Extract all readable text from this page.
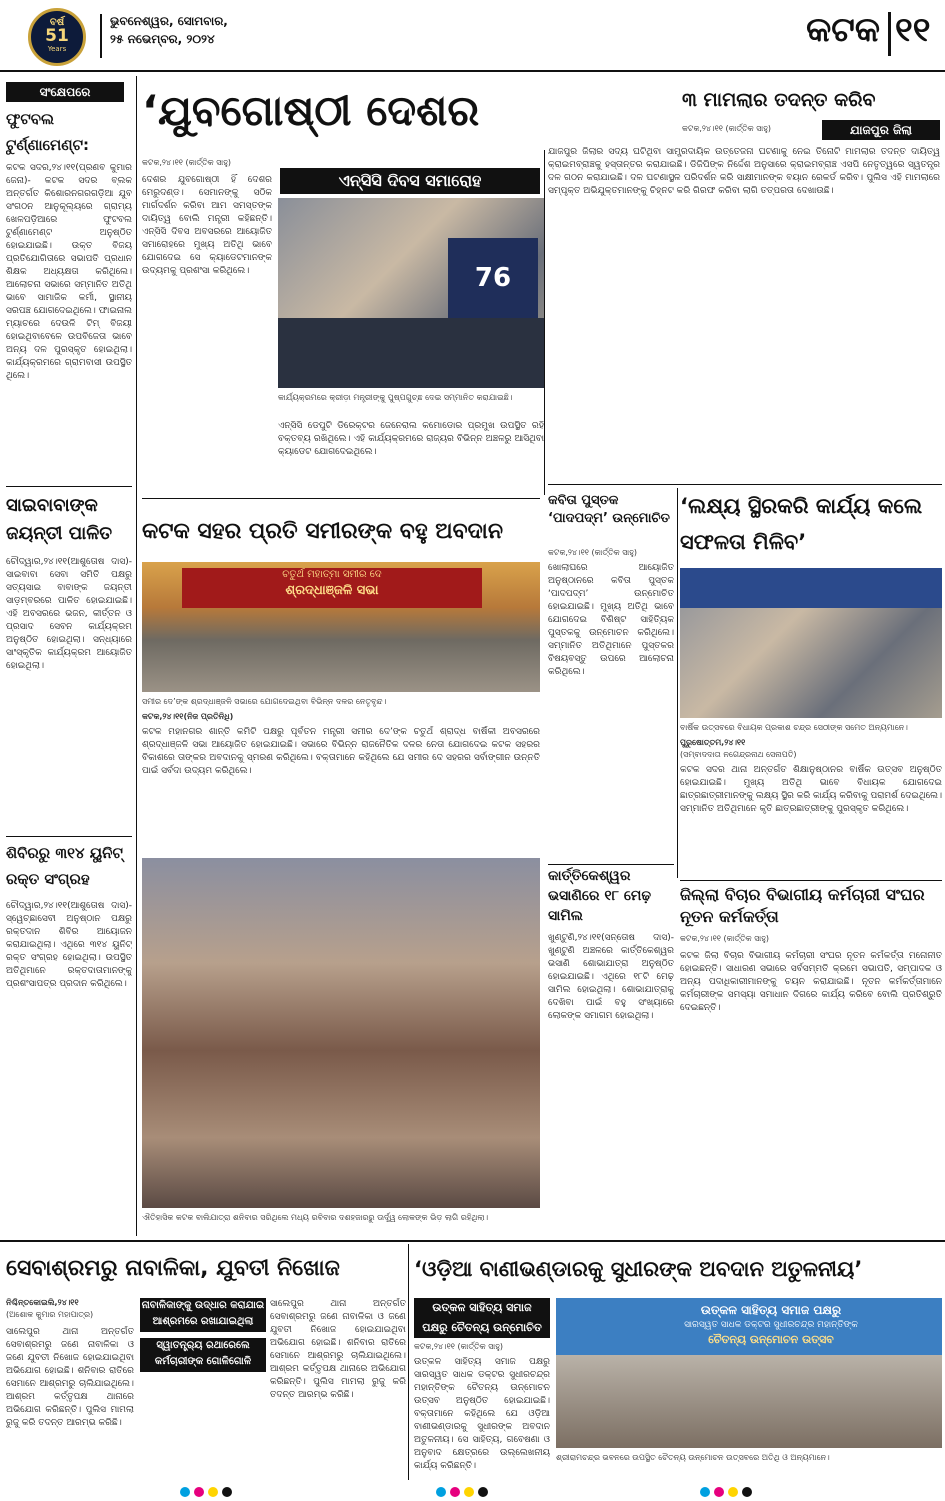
ବର୍ଷ
51
Years
ଭୁବନେଶ୍ୱର, ସୋମବାର,
୨୫ ନଭେମ୍ବର, ୨୦୨୪	କଟକ ୧୧
ସଂକ୍ଷେପରେ
ଫୁଟବଲ ଟୁର୍ଣ୍ଣାମେଣ୍ଟ:
କଟକ ସଦର,୨୪।୧୧(ପ୍ରଣବ କୁମାର ଜେନା)- କଟକ ସଦର ବ୍ଲକ ଅନ୍ତର୍ଗତ କିଶୋରନଗରଗଡ଼ିଆ ଯୁବ ସଂଗଠନ ଆନୁକୂଲ୍ୟରେ ଗ୍ରାମ୍ୟ ଖେଳପଡ଼ିଆରେ ଫୁଟବଲ ଟୁର୍ଣ୍ଣାମେଣ୍ଟ ଅନୁଷ୍ଠିତ ହୋଇଯାଇଛି। ଉକ୍ତ ବିଜୟ ପ୍ରତିଯୋଗିତାରେ ସଭାପତି ପ୍ରଧାନ ଶିକ୍ଷକ ଅଧ୍ୟକ୍ଷତା କରିଥିଲେ। ଆଲୋଚନା ସଭାରେ ସମ୍ମାନିତ ଅତିଥି ଭାବେ ସାମାଜିକ କର୍ମୀ, ସ୍ଥାନୀୟ ସରପଞ୍ଚ ଯୋଗଦେଇଥିଲେ। ଫାଇନାଲ ମ୍ୟାଚରେ ଦେଉଳି ଟିମ୍ ବିଜୟୀ ହୋଇଥିବାବେଳେ ଉପବିଜେତା ଭାବେ ଅନ୍ୟ ଦଳ ପୁରସ୍କୃତ ହୋଇଥିଲା। କାର୍ଯ୍ୟକ୍ରମରେ ଗ୍ରାମବାସୀ ଉପସ୍ଥିତ ଥିଲେ।
ସାଇବାବାଙ୍କ ଜୟନ୍ତୀ ପାଳିତ
ଚୌଦ୍ୱାର,୨୪।୧୧(ଆଶୁତୋଷ ଦାସ)- ସାଇବାବା ସେବା ସମିତି ପକ୍ଷରୁ ସତ୍ୟସାଇ ବାବାଙ୍କ ଜୟନ୍ତୀ ସାଡ଼ମ୍ବରରେ ପାଳିତ ହୋଇଯାଇଛି। ଏହି ଅବସରରେ ଭଜନ, କୀର୍ତ୍ତନ ଓ ପ୍ରସାଦ ସେବନ କାର୍ଯ୍ୟକ୍ରମ ଅନୁଷ୍ଠିତ ହୋଇଥିଲା। ସନ୍ଧ୍ୟାରେ ସାଂସ୍କୃତିକ କାର୍ଯ୍ୟକ୍ରମ ଆୟୋଜିତ ହୋଇଥିଲା।
ଶିବିରରୁ ୩୧୪ ୟୁନିଟ୍ ରକ୍ତ ସଂଗ୍ରହ
ଚୌଦ୍ୱାର,୨୪।୧୧(ଆଶୁତୋଷ ଦାସ)- ସ୍ୱେଚ୍ଛାସେବୀ ଅନୁଷ୍ଠାନ ପକ୍ଷରୁ ରକ୍ତଦାନ ଶିବିର ଆୟୋଜନ କରାଯାଇଥିଲା। ଏଥିରେ ୩୧୪ ୟୁନିଟ୍ ରକ୍ତ ସଂଗ୍ରହ ହୋଇଥିଲା। ଉପସ୍ଥିତ ଅତିଥିମାନେ ରକ୍ତଦାତାମାନଙ୍କୁ ପ୍ରଶଂସାପତ୍ର ପ୍ରଦାନ କରିଥିଲେ।
‘ଯୁବଗୋଷ୍ଠୀ ଦେଶର
କଟକ,୨୪।୧୧ (କାର୍ତ୍ତିକ ସାହୁ)
ଏନ୍‌ସିସି ଦିବସ ସମାରୋହ
ଦେଶର ଯୁବଗୋଷ୍ଠୀ ହିଁ ଦେଶର ମେରୁଦଣ୍ଡ। ସେମାନଙ୍କୁ ସଠିକ ମାର୍ଗଦର୍ଶନ କରିବା ଆମ ସମସ୍ତଙ୍କ ଦାୟିତ୍ୱ ବୋଲି ମନ୍ତ୍ରୀ କହିଛନ୍ତି। ଏନ୍‌ସିସି ଦିବସ ଅବସରରେ ଆୟୋଜିତ ସମାରୋହରେ ମୁଖ୍ୟ ଅତିଥି ଭାବେ ଯୋଗଦେଇ ସେ କ୍ୟାଡେଟମାନଙ୍କ ଉଦ୍ୟମକୁ ପ୍ରଶଂସା କରିଥିଲେ।	76
କାର୍ଯ୍ୟକ୍ରମରେ କ୍ରୀଡ଼ା ମନ୍ତ୍ରୀଙ୍କୁ ପୁଷ୍ପଗୁଚ୍ଛ ଦେଇ ସମ୍ମାନିତ କରାଯାଇଛି।
ଏନ୍‌ସିସି ଡେପୁଟି ଡିରେକ୍ଟର ଜେନେରାଲ କମୋଡୋର ପ୍ରମୁଖ ଉପସ୍ଥିତ ରହି ବକ୍ତବ୍ୟ ରଖିଥିଲେ। ଏହି କାର୍ଯ୍ୟକ୍ରମରେ ରାଜ୍ୟର ବିଭିନ୍ନ ଅଞ୍ଚଳରୁ ଆସିଥିବା କ୍ୟାଡେଟ ଯୋଗଦେଇଥିଲେ।
୩ ମାମଲାର ତଦନ୍ତ କରିବ
କଟକ,୨୪।୧୧ (କାର୍ତ୍ତିକ ସାହୁ)	ଯାଜପୁର ଜିଲା
ଯାଜପୁର ଜିଲାର ସଦ୍ୟ ଘଟିଥିବା ସାମ୍ପ୍ରଦାୟିକ ଉତ୍ତେଜନା ଘଟଣାକୁ ନେଇ ତିନୋଟି ମାମଲାର ତଦନ୍ତ ଦାୟିତ୍ୱ କ୍ରାଇମବ୍ରାଞ୍ଚକୁ ହସ୍ତାନ୍ତର କରାଯାଇଛି। ଡିଜିପିଙ୍କ ନିର୍ଦ୍ଦେଶ ଅନୁସାରେ କ୍ରାଇମବ୍ରାଞ୍ଚ ଏସପି ନେତୃତ୍ୱରେ ସ୍ୱତନ୍ତ୍ର ଦଳ ଗଠନ କରାଯାଇଛି। ଦଳ ଘଟଣାସ୍ଥଳ ପରିଦର୍ଶନ କରି ସାକ୍ଷୀମାନଙ୍କ ବୟାନ ରେକର୍ଡ କରିବ। ପୁଲିସ ଏହି ମାମଲାରେ ସମ୍ପୃକ୍ତ ଅଭିଯୁକ୍ତମାନଙ୍କୁ ଚିହ୍ନଟ କରି ଗିରଫ କରିବା ଲାଗି ତତ୍ପରତା ଦେଖାଉଛି।
‘ଲକ୍ଷ୍ୟ ସ୍ଥିରକରି କାର୍ଯ୍ୟ କଲେ ସଫଳତା ମିଳିବ’
ବାର୍ଷିକ ଉତ୍ସବରେ ବିଧାୟକ ପ୍ରକାଶ ଚନ୍ଦ୍ର ସେଠୀଙ୍କ ସମେତ ଅନ୍ୟମାନେ।
ପୁରୁଷୋତ୍ତମ,୨୪।୧୧
(ସମ୍ବାଦଦାତା ନଗେନ୍ଦ୍ରନାଥ ସେନାପତି)
କଟକ ସଦର ଥାନା ଅନ୍ତର୍ଗତ ଶିକ୍ଷାନୁଷ୍ଠାନର ବାର୍ଷିକ ଉତ୍ସବ ଅନୁଷ୍ଠିତ ହୋଇଯାଇଛି। ମୁଖ୍ୟ ଅତିଥି ଭାବେ ବିଧାୟକ ଯୋଗଦେଇ ଛାତ୍ରଛାତ୍ରୀମାନଙ୍କୁ ଲକ୍ଷ୍ୟ ସ୍ଥିର କରି କାର୍ଯ୍ୟ କରିବାକୁ ପରାମର୍ଶ ଦେଇଥିଲେ। ସମ୍ମାନିତ ଅତିଥିମାନେ କୃତି ଛାତ୍ରଛାତ୍ରୀଙ୍କୁ ପୁରସ୍କୃତ କରିଥିଲେ।
କଟକ ସହର ପ୍ରତି ସମୀରଙ୍କ ବହୁ ଅବଦାନ
ଚତୁର୍ଥ ମହାତ୍ମା ସମୀର ଦେ
ଶ୍ରଦ୍ଧାଞ୍ଜଳି ସଭା
ସମୀର ଦେ’ଙ୍କ ଶ୍ରଦ୍ଧାଞ୍ଜଳି ସଭାରେ ଯୋଗଦେଇଥିବା ବିଭିନ୍ନ ଦଳର ନେତୃବୃନ୍ଦ।
କଟକ,୨୪।୧୧(ନିଜ ପ୍ରତିନିଧି)
କଟକ ମହାନଗର ଶାନ୍ତି କମିଟି ପକ୍ଷରୁ ପୂର୍ବତନ ମନ୍ତ୍ରୀ ସମୀର ଦେ’ଙ୍କ ଚତୁର୍ଥ ଶ୍ରାଦ୍ଧ ବାର୍ଷିକୀ ଅବସରରେ ଶ୍ରଦ୍ଧାଞ୍ଜଳି ସଭା ଆୟୋଜିତ ହୋଇଯାଇଛି। ସଭାରେ ବିଭିନ୍ନ ରାଜନୈତିକ ଦଳର ନେତା ଯୋଗଦେଇ କଟକ ସହରର ବିକାଶରେ ତାଙ୍କର ଅବଦାନକୁ ସ୍ମରଣ କରିଥିଲେ। ବକ୍ତାମାନେ କହିଥିଲେ ଯେ ସମୀର ଦେ ସହରର ସର୍ବାଙ୍ଗୀନ ଉନ୍ନତି ପାଇଁ ସର୍ବଦା ଉଦ୍ୟମ କରିଥିଲେ।
କବିତା ପୁସ୍ତକ ‘ପାଦପଦ୍ମ’ ଉନ୍ମୋଚିତ
କଟକ,୨୪।୧୧ (କାର୍ତ୍ତିକ ସାହୁ)
ଖୋଲାଘରେ ଆୟୋଜିତ ଅନୁଷ୍ଠାନରେ କବିତା ପୁସ୍ତକ ‘ପାଦପଦ୍ମ’ ଉନ୍ମୋଚିତ ହୋଇଯାଇଛି। ମୁଖ୍ୟ ଅତିଥି ଭାବେ ଯୋଗଦେଇ ବିଶିଷ୍ଟ ସାହିତ୍ୟିକ ପୁସ୍ତକକୁ ଉନ୍ମୋଚନ କରିଥିଲେ। ସମ୍ମାନିତ ଅତିଥିମାନେ ପୁସ୍ତକର ବିଷୟବସ୍ତୁ ଉପରେ ଆଲୋଚନା କରିଥିଲେ।
କାର୍ତ୍ତିକେଶ୍ୱର ଭସାଣିରେ ୧୮ ମେଢ଼ ସାମିଲ
ଖୁଣ୍ଟୁଣି,୨୪।୧୧(ସନ୍ତୋଷ ଦାସ)- ଖୁଣ୍ଟୁଣି ଅଞ୍ଚଳରେ କାର୍ତ୍ତିକେଶ୍ୱର ଭସାଣି ଶୋଭାଯାତ୍ରା ଅନୁଷ୍ଠିତ ହୋଇଯାଇଛି। ଏଥିରେ ୧୮ଟି ମେଢ଼ ସାମିଲ ହୋଇଥିଲା। ଶୋଭାଯାତ୍ରାକୁ ଦେଖିବା ପାଇଁ ବହୁ ସଂଖ୍ୟାରେ ଲୋକଙ୍କ ସମାଗମ ହୋଇଥିଲା।
ଐତିହାସିକ କଟକ ବାଲିଯାତ୍ରା ଶନିବାର ସରିଥିଲେ ମଧ୍ୟ ରବିବାର ଦଶହଜାରରୁ ଊର୍ଦ୍ଧ୍ୱ ଲୋକଙ୍କ ଭିଡ଼ ଲାଗି ରହିଥିଲା।
ଜିଲ୍ଲା ବିଚାର ବିଭାଗୀୟ କର୍ମଚାରୀ ସଂଘର ନୂତନ କର୍ମକର୍ତ୍ତା
କଟକ,୨୪।୧୧ (କାର୍ତ୍ତିକ ସାହୁ)
କଟକ ଜିଲା ବିଚାର ବିଭାଗୀୟ କର୍ମଚାରୀ ସଂଘର ନୂତନ କର୍ମକର୍ତ୍ତା ମନୋନୀତ ହୋଇଛନ୍ତି। ସାଧାରଣ ସଭାରେ ସର୍ବସମ୍ମତି କ୍ରମେ ସଭାପତି, ସମ୍ପାଦକ ଓ ଅନ୍ୟ ପଦାଧିକାରୀମାନଙ୍କୁ ଚୟନ କରାଯାଇଛି। ନୂତନ କର୍ମକର୍ତ୍ତାମାନେ କର୍ମଚାରୀଙ୍କ ସମସ୍ୟା ସମାଧାନ ଦିଗରେ କାର୍ଯ୍ୟ କରିବେ ବୋଲି ପ୍ରତିଶ୍ରୁତି ଦେଇଛନ୍ତି।
ସେବାଶ୍ରମରୁ ନାବାଳିକା, ଯୁବତୀ ନିଖୋଜ
ନିଶ୍ଚିନ୍ତକୋଇଲି,୨୪।୧୧
(ଅଶୋକ କୁମାର ମହାପାତ୍ର)
ନାବାଳିକାଙ୍କୁ ଉଦ୍ଧାର କରାଯାଇ ଆଶ୍ରମରେ ରଖାଯାଇଥିଲା
ସ୍ୱାତନ୍ତ୍ର୍ୟ ରଥାରେଲେ କର୍ମଚାରୀଙ୍କ ଗୋଳିଗୋଳି
ସାଲେପୁର ଥାନା ଅନ୍ତର୍ଗତ ସେବାଶ୍ରମରୁ ଜଣେ ନାବାଳିକା ଓ ଜଣେ ଯୁବତୀ ନିଖୋଜ ହୋଇଯାଇଥିବା ଅଭିଯୋଗ ହୋଇଛି। ଶନିବାର ରାତିରେ ସେମାନେ ଆଶ୍ରମରୁ ଚାଲିଯାଇଥିଲେ। ଆଶ୍ରମ କର୍ତ୍ତୃପକ୍ଷ ଥାନାରେ ଅଭିଯୋଗ କରିଛନ୍ତି। ପୁଲିସ ମାମଲା ରୁଜୁ କରି ତଦନ୍ତ ଆରମ୍ଭ କରିଛି।
ସାଲେପୁର ଥାନା ଅନ୍ତର୍ଗତ ସେବାଶ୍ରମରୁ ଜଣେ ନାବାଳିକା ଓ ଜଣେ ଯୁବତୀ ନିଖୋଜ ହୋଇଯାଇଥିବା ଅଭିଯୋଗ ହୋଇଛି। ଶନିବାର ରାତିରେ ସେମାନେ ଆଶ୍ରମରୁ ଚାଲିଯାଇଥିଲେ। ଆଶ୍ରମ କର୍ତ୍ତୃପକ୍ଷ ଥାନାରେ ଅଭିଯୋଗ କରିଛନ୍ତି। ପୁଲିସ ମାମଲା ରୁଜୁ କରି ତଦନ୍ତ ଆରମ୍ଭ କରିଛି।
‘ଓଡ଼ିଆ ବାଣୀଭଣ୍ଡାରକୁ ସୁଧୀରଙ୍କ ଅବଦାନ ଅତୁଳନୀୟ’
ଉତ୍କଳ ସାହିତ୍ୟ ସମାଜ
ପକ୍ଷରୁ ଚୈତନ୍ୟ ଉନ୍ମୋଚିତ
କଟକ,୨୪।୧୧ (କାର୍ତ୍ତିକ ସାହୁ)
ଉତ୍କଳ ସାହିତ୍ୟ ସମାଜ ପକ୍ଷରୁ ସାରସ୍ୱତ ସାଧକ ଡକ୍ଟର ସୁଧୀରଚନ୍ଦ୍ର ମହାନ୍ତିଙ୍କ ଚୈତନ୍ୟ ଉନ୍ମୋଚନ ଉତ୍ସବ ଅନୁଷ୍ଠିତ ହୋଇଯାଇଛି। ବକ୍ତାମାନେ କହିଥିଲେ ଯେ ଓଡ଼ିଆ ବାଣୀଭଣ୍ଡାରକୁ ସୁଧୀରଙ୍କ ଅବଦାନ ଅତୁଳନୀୟ। ସେ ସାହିତ୍ୟ, ଗବେଷଣା ଓ ଅନୁବାଦ କ୍ଷେତ୍ରରେ ଉଲ୍ଲେଖନୀୟ କାର୍ଯ୍ୟ କରିଛନ୍ତି।
ଉତ୍କଳ ସାହିତ୍ୟ ସମାଜ ପକ୍ଷରୁ
ସାରସ୍ୱତ ସାଧକ ଡକ୍ଟର ସୁଧୀରଚନ୍ଦ୍ର ମହାନ୍ତିଙ୍କ
ଚୈତନ୍ୟ ଉନ୍ମୋଚନ ଉତ୍ସବ
ଶ୍ରୀରାମଚନ୍ଦ୍ର ଭବନରେ ଉପସ୍ଥିତ ଚୈତନ୍ୟ ଉନ୍ମୋଚନ ଉତ୍ସବରେ ଅତିଥି ଓ ଅନ୍ୟମାନେ।
